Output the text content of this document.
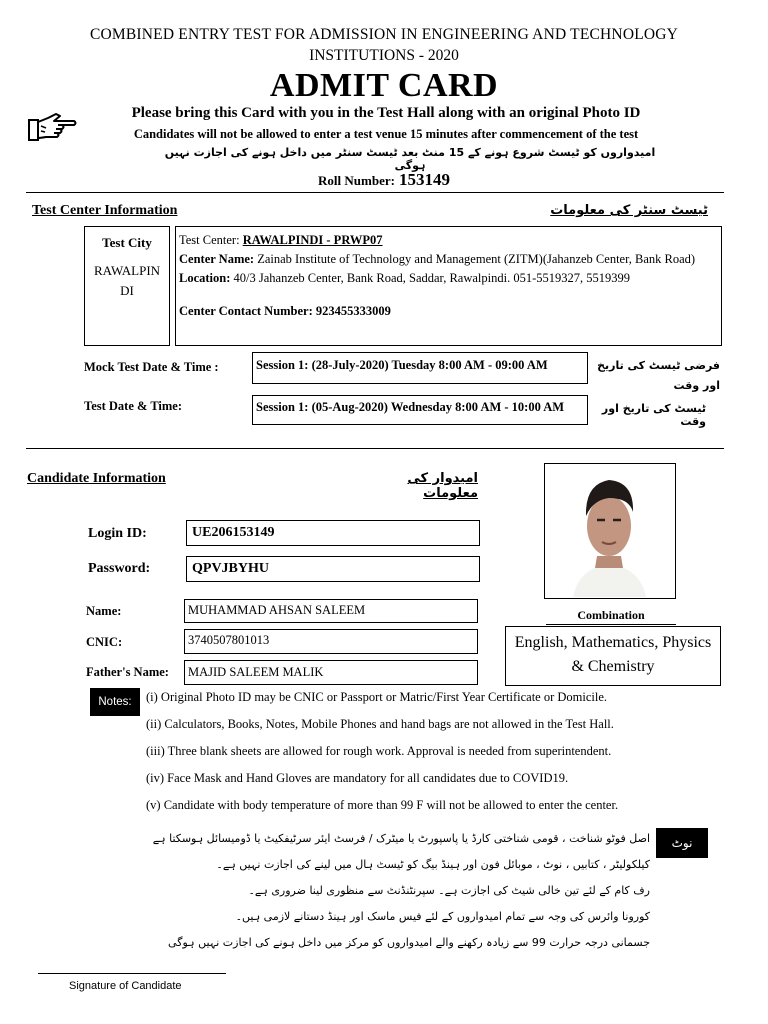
COMBINED ENTRY TEST FOR ADMISSION IN ENGINEERING AND TECHNOLOGY
INSTITUTIONS - 2020
ADMIT CARD
Please bring this Card with you in the Test Hall along with an original Photo ID
Candidates will not be allowed to enter a test venue 15 minutes after commencement of the test
امیدواروں کو ٹیسٹ شروع ہونے کے 15 منٹ بعد ٹیسٹ سنٹر میں داخل ہونے کی اجازت نہیں ہوگی
Roll Number: 153149
Test Center Information	ٹیسٹ سنٹر کی معلومات
Test City
RAWALPIN
DI
Test Center: RAWALPINDI - PRWP07
Center Name: Zainab Institute of Technology and Management (ZITM)(Jahanzeb Center, Bank Road)
Location: 40/3 Jahanzeb Center, Bank Road, Saddar, Rawalpindi. 051-5519327, 5519399
Center Contact Number: 923455333009
Mock Test Date & Time :	Session 1: (28-July-2020) Tuesday 8:00 AM - 09:00 AM	فرضی ٹیسٹ کی تاریخ اور وقت
Test Date & Time:	Session 1: (05-Aug-2020) Wednesday 8:00 AM - 10:00 AM	ٹیسٹ کی تاریخ اور وقت
Candidate Information	امیدوار کی معلومات
Login ID:	UE206153149
Password:	QPVJBYHU
Name:	MUHAMMAD AHSAN SALEEM
CNIC:	3740507801013
Father's Name:	MAJID SALEEM MALIK
Combination
English, Mathematics, Physics & Chemistry
Notes:	(i) Original Photo ID may be CNIC or Passport or Matric/First Year Certificate or Domicile.
(ii) Calculators, Books, Notes, Mobile Phones and hand bags are not allowed in the Test Hall.
(iii) Three blank sheets are allowed for rough work. Approval is needed from superintendent.
(iv) Face Mask and Hand Gloves are mandatory for all candidates due to COVID19.
(v) Candidate with body temperature of more than 99 F will not be allowed to enter the center.
نوٹ
اصل فوٹو شناخت ، قومی شناختی کارڈ یا پاسپورٹ یا میٹرک / فرسٹ ایئر سرٹیفکیٹ یا ڈومیسائل ہوسکتا ہے
کیلکولیٹر ، کتابیں ، نوٹ ، موبائل فون اور ہینڈ بیگ کو ٹیسٹ ہال میں لینے کی اجازت نہیں ہے۔
رف کام کے لئے تین خالی شیٹ کی اجازت ہے۔ سپرنٹنڈنٹ سے منظوری لینا ضروری ہے۔
کورونا وائرس کی وجہ سے تمام امیدواروں کے لئے فیس ماسک اور ہینڈ دستانے لازمی ہیں۔
جسمانی درجہ حرارت 99 سے زیادہ رکھنے والے امیدواروں کو مرکز میں داخل ہونے کی اجازت نہیں ہوگی
Signature of Candidate
